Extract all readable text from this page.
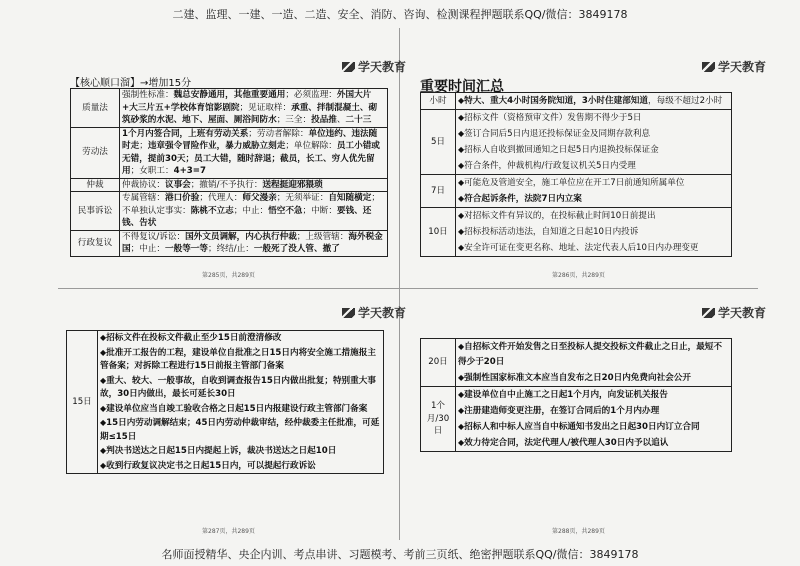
二建、监理、一建、一造、二造、安全、消防、咨询、检测课程押题联系QQ/微信：3849178
学天教育
【核心顺口溜】→增加15分
质量法	强制性标准：魏总安静通用，其他重要通用；必须监理：外国大片+大三片五+学校体育馆影剧院；见证取样：承重、拌制混凝土、砌筑砂浆的水泥、地下、屋面、厕浴间防水；三全：投品推、二十三
劳动法	1个月内签合同，上班有劳动关系；劳动者解除：单位违约、违法随时走；违章强令冒险作业，暴力威胁立刻走；单位解除：员工小错或无错，提前30天；员工大错，随时辞退；截员，长工、穷人优先留用；女职工：4+3=7
仲裁	仲裁协议：议事会；撤销/不予执行：送程挺迎邪猥琐
民事诉讼	专属管辖：港口价验；代理人：师父漫亲；无须举证：自知随横定；不单独认定事实：陈桃不立志；中止：悟空不急；中断：要钱、还钱、告状
行政复议	不得复议/诉讼：国外文员调解，内心执行仲裁；上级管辖：海外税金国；中止：一般等一等；终结/止：一般死了没人管、撤了
第285页，共289页
学天教育
重要时间汇总
小时	◆特大、重大4小时国务院知道，3小时住建部知道，每级不超过2小时

5日	◆招标文件（资格预审文件）发售期不得少于5日
◆签订合同后5日内退还投标保证金及同期存款利息
◆招标人自收到撤回通知之日起5日内退换投标保证金
◆符合条件，仲裁机构/行政复议机关5日内受理

7日	◆可能危及管道安全，施工单位应在开工7日前通知所属单位
◆符合起诉条件，法院7日内立案

10日	◆对招标文件有异议的，在投标截止时间10日前提出
◆招标投标活动违法，自知道之日起10日内投诉
◆安全许可证在变更名称、地址、法定代表人后10日内办理变更
第286页，共289页
学天教育
15日	
◆招标文件在投标文件截止至少15日前澄清修改
◆批准开工报告的工程，建设单位自批准之日15日内将安全施工措施报主管备案；对拆除工程进行15日前报主管部门备案
◆重大、较大、一般事故，自收到调查报告15日内做出批复；特别重大事故，30日内做出，最长可延长30日
◆建设单位应当自竣工验收合格之日起15日内报建设行政主管部门备案
◆15日内劳动调解结束；45日内劳动仲裁审结，经仲裁委主任批准，可延期≤15日
◆判决书送达之日起15日内提起上诉，裁决书送达之日起10日
◆收到行政复议决定书之日起15日内，可以提起行政诉讼
第287页，共289页
学天教育
20日	◆自招标文件开始发售之日至投标人提交投标文件截止之日止，最短不得少于20日
◆强制性国家标准文本应当自发布之日20日内免费向社会公开

1个月/30日	◆建设单位自中止施工之日起1个月内，向发证机关报告
◆注册建造师变更注册，在签订合同后的1个月内办理
◆招标人和中标人应当自中标通知书发出之日起30日内订立合同
◆效力待定合同，法定代理人/被代理人30日内予以追认
第288页，共289页
名师面授精华、央企内训、考点串讲、习题模考、考前三页纸、绝密押题联系QQ/微信：3849178
